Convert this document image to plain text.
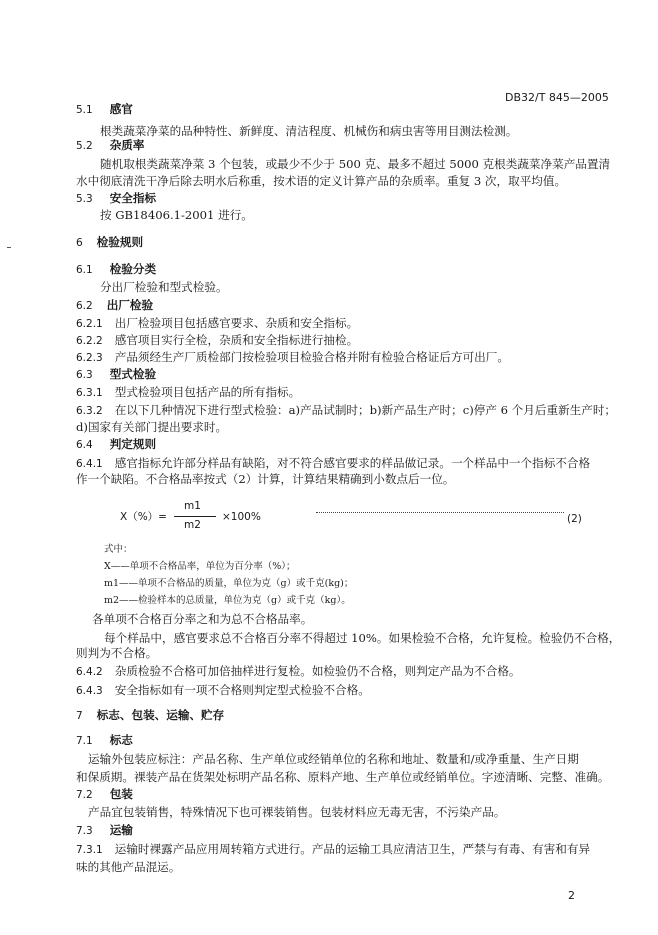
DB32/T 845—2005
5.1 感官
根类蔬菜净菜的品种特性、新鲜度、清洁程度、机械伤和病虫害等用目测法检测。
5.2 杂质率
随机取根类蔬菜净菜 3 个包装，或最少不少于 500 克、最多不超过 5000 克根类蔬菜净菜产品置清
水中彻底清洗干净后除去明水后称重，按术语的定义计算产品的杂质率。重复 3 次，取平均值。
5.3 安全指标
按 GB18406.1-2001 进行。
6 检验规则
6.1 检验分类
分出厂检验和型式检验。
6.2 出厂检验
6.2.1 出厂检验项目包括感官要求、杂质和安全指标。
6.2.2 感官项目实行全检，杂质和安全指标进行抽检。
6.2.3 产品须经生产厂质检部门按检验项目检验合格并附有检验合格证后方可出厂。
6.3 型式检验
6.3.1 型式检验项目包括产品的所有指标。
6.3.2 在以下几种情况下进行型式检验：a)产品试制时；b)新产品生产时；c)停产 6 个月后重新生产时；
d)国家有关部门提出要求时。
6.4 判定规则
6.4.1 感官指标允许部分样品有缺陷，对不符合感官要求的样品做记录。一个样品中一个指标不合格
作一个缺陷。不合格品率按式（2）计算，计算结果精确到小数点后一位。
X（%）=
m1
m2
×100%	(2)
式中：
X——单项不合格品率，单位为百分率（%）；
m1——单项不合格品的质量，单位为克（g）或千克(kg)；
m2——检验样本的总质量，单位为克（g）或千克（kg）。
各单项不合格百分率之和为总不合格品率。
每个样品中，感官要求总不合格百分率不得超过 10%。如果检验不合格，允许复检。检验仍不合格，
则判为不合格。
6.4.2 杂质检验不合格可加倍抽样进行复检。如检验仍不合格，则判定产品为不合格。
6.4.3 安全指标如有一项不合格则判定型式检验不合格。
7 标志、包装、运输、贮存
7.1 标志
运输外包装应标注：产品名称、生产单位或经销单位的名称和地址、数量和/或净重量、生产日期
和保质期。裸装产品在货架处标明产品名称、原料产地、生产单位或经销单位。字迹清晰、完整、准确。
7.2 包装
产品宜包装销售，特殊情况下也可裸装销售。包装材料应无毒无害，不污染产品。
7.3 运输
7.3.1 运输时裸露产品应用周转箱方式进行。产品的运输工具应清洁卫生，严禁与有毒、有害和有异
味的其他产品混运。
2
